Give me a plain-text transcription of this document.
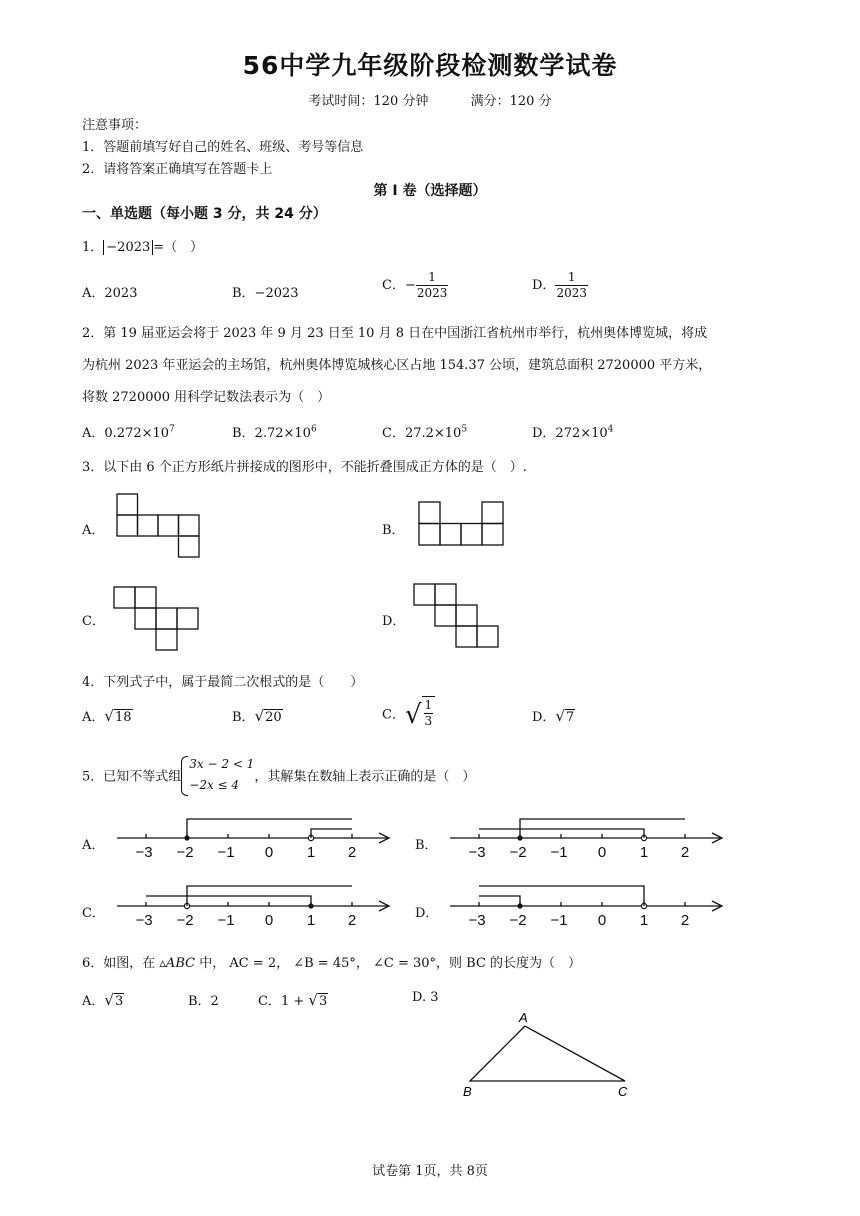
56中学九年级阶段检测数学试卷
考试时间：120 分钟	满分：120 分
注意事项：
1．答题前填写好自己的姓名、班级、考号等信息
2．请将答案正确填写在答题卡上
第 I 卷（选择题）
一、单选题（每小题 3 分，共 24 分）
1． −2023 =（　）
A．2023	B．−2023
C．− $\frac{1}{2023}$	D． $\frac{1}{2023}$
2．第 19 届亚运会将于 2023 年 9 月 23 日至 10 月 8 日在中国浙江省杭州市举行，杭州奥体博览城，将成
为杭州 2023 年亚运会的主场馆，杭州奥体博览城核心区占地 154.37 公顷，建筑总面积 2720000 平方米，
将数 2720000 用科学记数法表示为（　）
A．$0.272\times 10^7$	B．$2.72\times 10^6$	C．$27.2\times 10^5$	D．$272\times 10^4$
3．以下由 6 个正方形纸片拼接成的图形中，不能折叠围成正方体的是（　）.
A．	B．
C．	D．
4．下列式子中，属于最简二次根式的是（　　）
A． √ 18	B． √ 20	C． √ $\frac{1}{3}$	D． √ 7
5．已知不等式组
3x − 2 < 1
−2x ≤ 4
，其解集在数轴上表示正确的是（　）
A． −3 −2 −1 0 1 2	B． −3 −2 −1 0 1 2
C． −3 −2 −1 0 1 2	D． −3 −2 −1 0 1 2
6．如图，在 ▵ABC 中， AC = 2， ∠B = 45°， ∠C = 30°，则 BC 的长度为（　）
A． √ 3	B．2	C．1 + √ 3	D. 3
A
B	C
试卷第 1页，共 8页
